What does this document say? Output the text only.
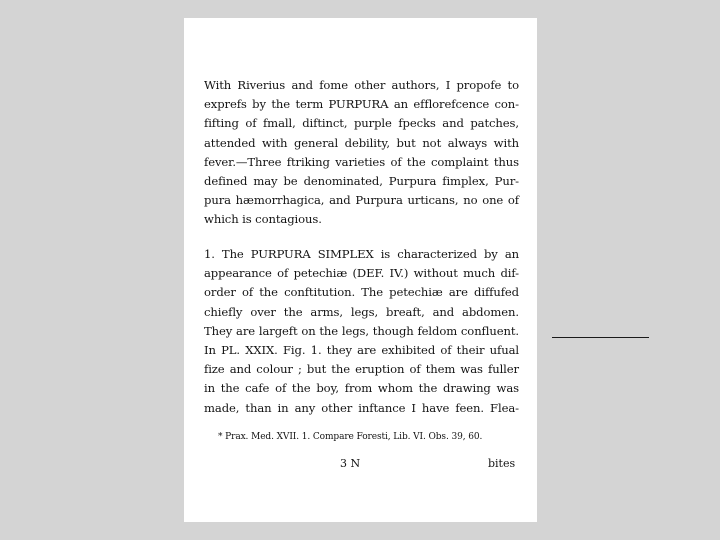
With Riverius and fome other authors, I propofe to
exprefs by the term PURPURA an efflorefcence con-
fifting of fmall, diftinct, purple fpecks and patches,
attended with general debility, but not always with
fever.—Three ftriking varieties of the complaint thus
defined may be denominated, Purpura fimplex, Pur-
pura hæmorrhagica, and Purpura urticans, no one of
which is contagious.
1. The PURPURA SIMPLEX is characterized by an
appearance of petechiæ (DEF. IV.) without much dif-
order of the conftitution. The petechiæ are diffufed
chiefly over the arms, legs, breaft, and abdomen.
They are largeft on the legs, though feldom confluent.
In PL. XXIX. Fig. 1. they are exhibited of their ufual
fize and colour ; but the eruption of them was fuller
in the cafe of the boy, from whom the drawing was
made, than in any other inftance I have feen. Flea-
* Prax. Med. XVII. 1. Compare Foresti, Lib. VI. Obs. 39, 60.
3 N	bites
